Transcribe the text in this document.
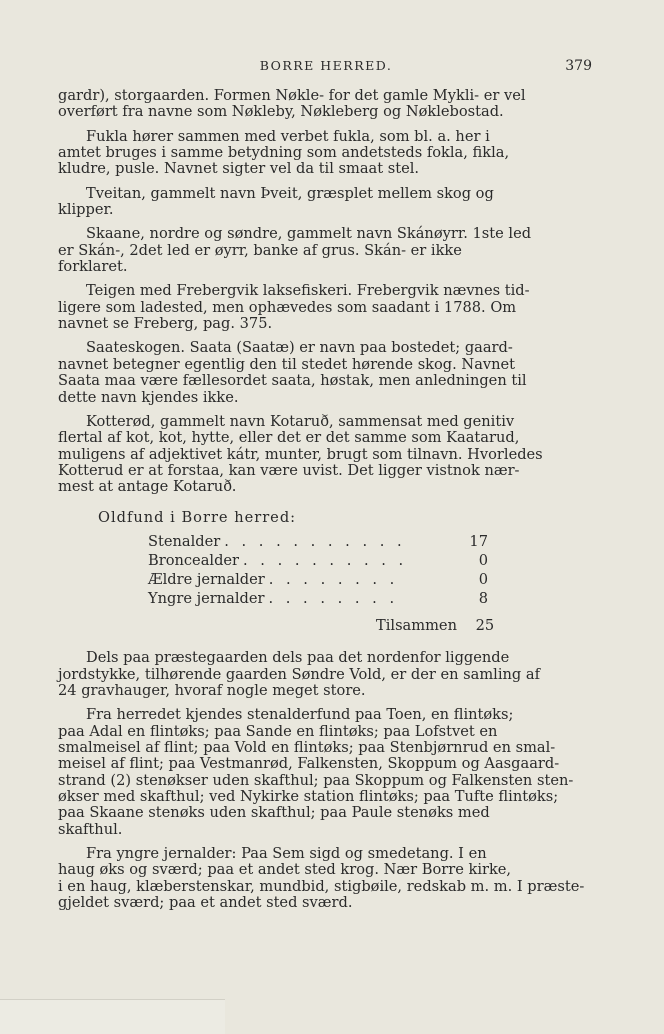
BORRE HERRED.	379
gardr), storgaarden. Formen Nøkle- for det gamle Mykli- er vel
overført fra navne som Nøkleby, Nøkleberg og Nøklebostad.
Fukla hører sammen med verbet fukla, som bl. a. her i
amtet bruges i samme betydning som andetsteds fokla, fikla,
kludre, pusle. Navnet sigter vel da til smaat stel.
Tveitan, gammelt navn Þveit, græsplet mellem skog og
klipper.
Skaane, nordre og søndre, gammelt navn Skánøyrr. 1ste led
er Skán-, 2det led er øyrr, banke af grus. Skán- er ikke
forklaret.
Teigen med Frebergvik laksefiskeri. Frebergvik nævnes tid-
ligere som ladested, men ophævedes som saadant i 1788. Om
navnet se Freberg, pag. 375.
Saateskogen. Saata (Saatæ) er navn paa bostedet; gaard-
navnet betegner egentlig den til stedet hørende skog. Navnet
Saata maa være fællesordet saata, høstak, men anledningen til
dette navn kjendes ikke.
Kotterød, gammelt navn Kotaruð, sammensat med genitiv
flertal af kot, kot, hytte, eller det er det samme som Kaatarud,
muligens af adjektivet kátr, munter, brugt som tilnavn. Hvorledes
Kotterud er at forstaa, kan være uvist. Det ligger vistnok nær-
mest at antage Kotaruð.
Oldfund i Borre herred:
Stenalder . . . . . . . . . . .	17
Broncealder . . . . . . . . . .	0
Ældre jernalder . . . . . . . .	0
Yngre jernalder . . . . . . . .	8
Tilsammen 25
Dels paa præstegaarden dels paa det nordenfor liggende
jordstykke, tilhørende gaarden Søndre Vold, er der en samling af
24 gravhauger, hvoraf nogle meget store.
Fra herredet kjendes stenalderfund paa Toen, en flintøks;
paa Adal en flintøks; paa Sande en flintøks; paa Lofstvet en
smalmeisel af flint; paa Vold en flintøks; paa Stenbjørnrud en smal-
meisel af flint; paa Vestmanrød, Falkensten, Skoppum og Aasgaard-
strand (2) stenøkser uden skafthul; paa Skoppum og Falkensten sten-
økser med skafthul; ved Nykirke station flintøks; paa Tufte flintøks;
paa Skaane stenøks uden skafthul; paa Paule stenøks med
skafthul.
Fra yngre jernalder: Paa Sem sigd og smedetang. I en
haug øks og sværd; paa et andet sted krog. Nær Borre kirke,
i en haug, klæberstenskar, mundbid, stigbøile, redskab m. m. I præste-
gjeldet sværd; paa et andet sted sværd.
